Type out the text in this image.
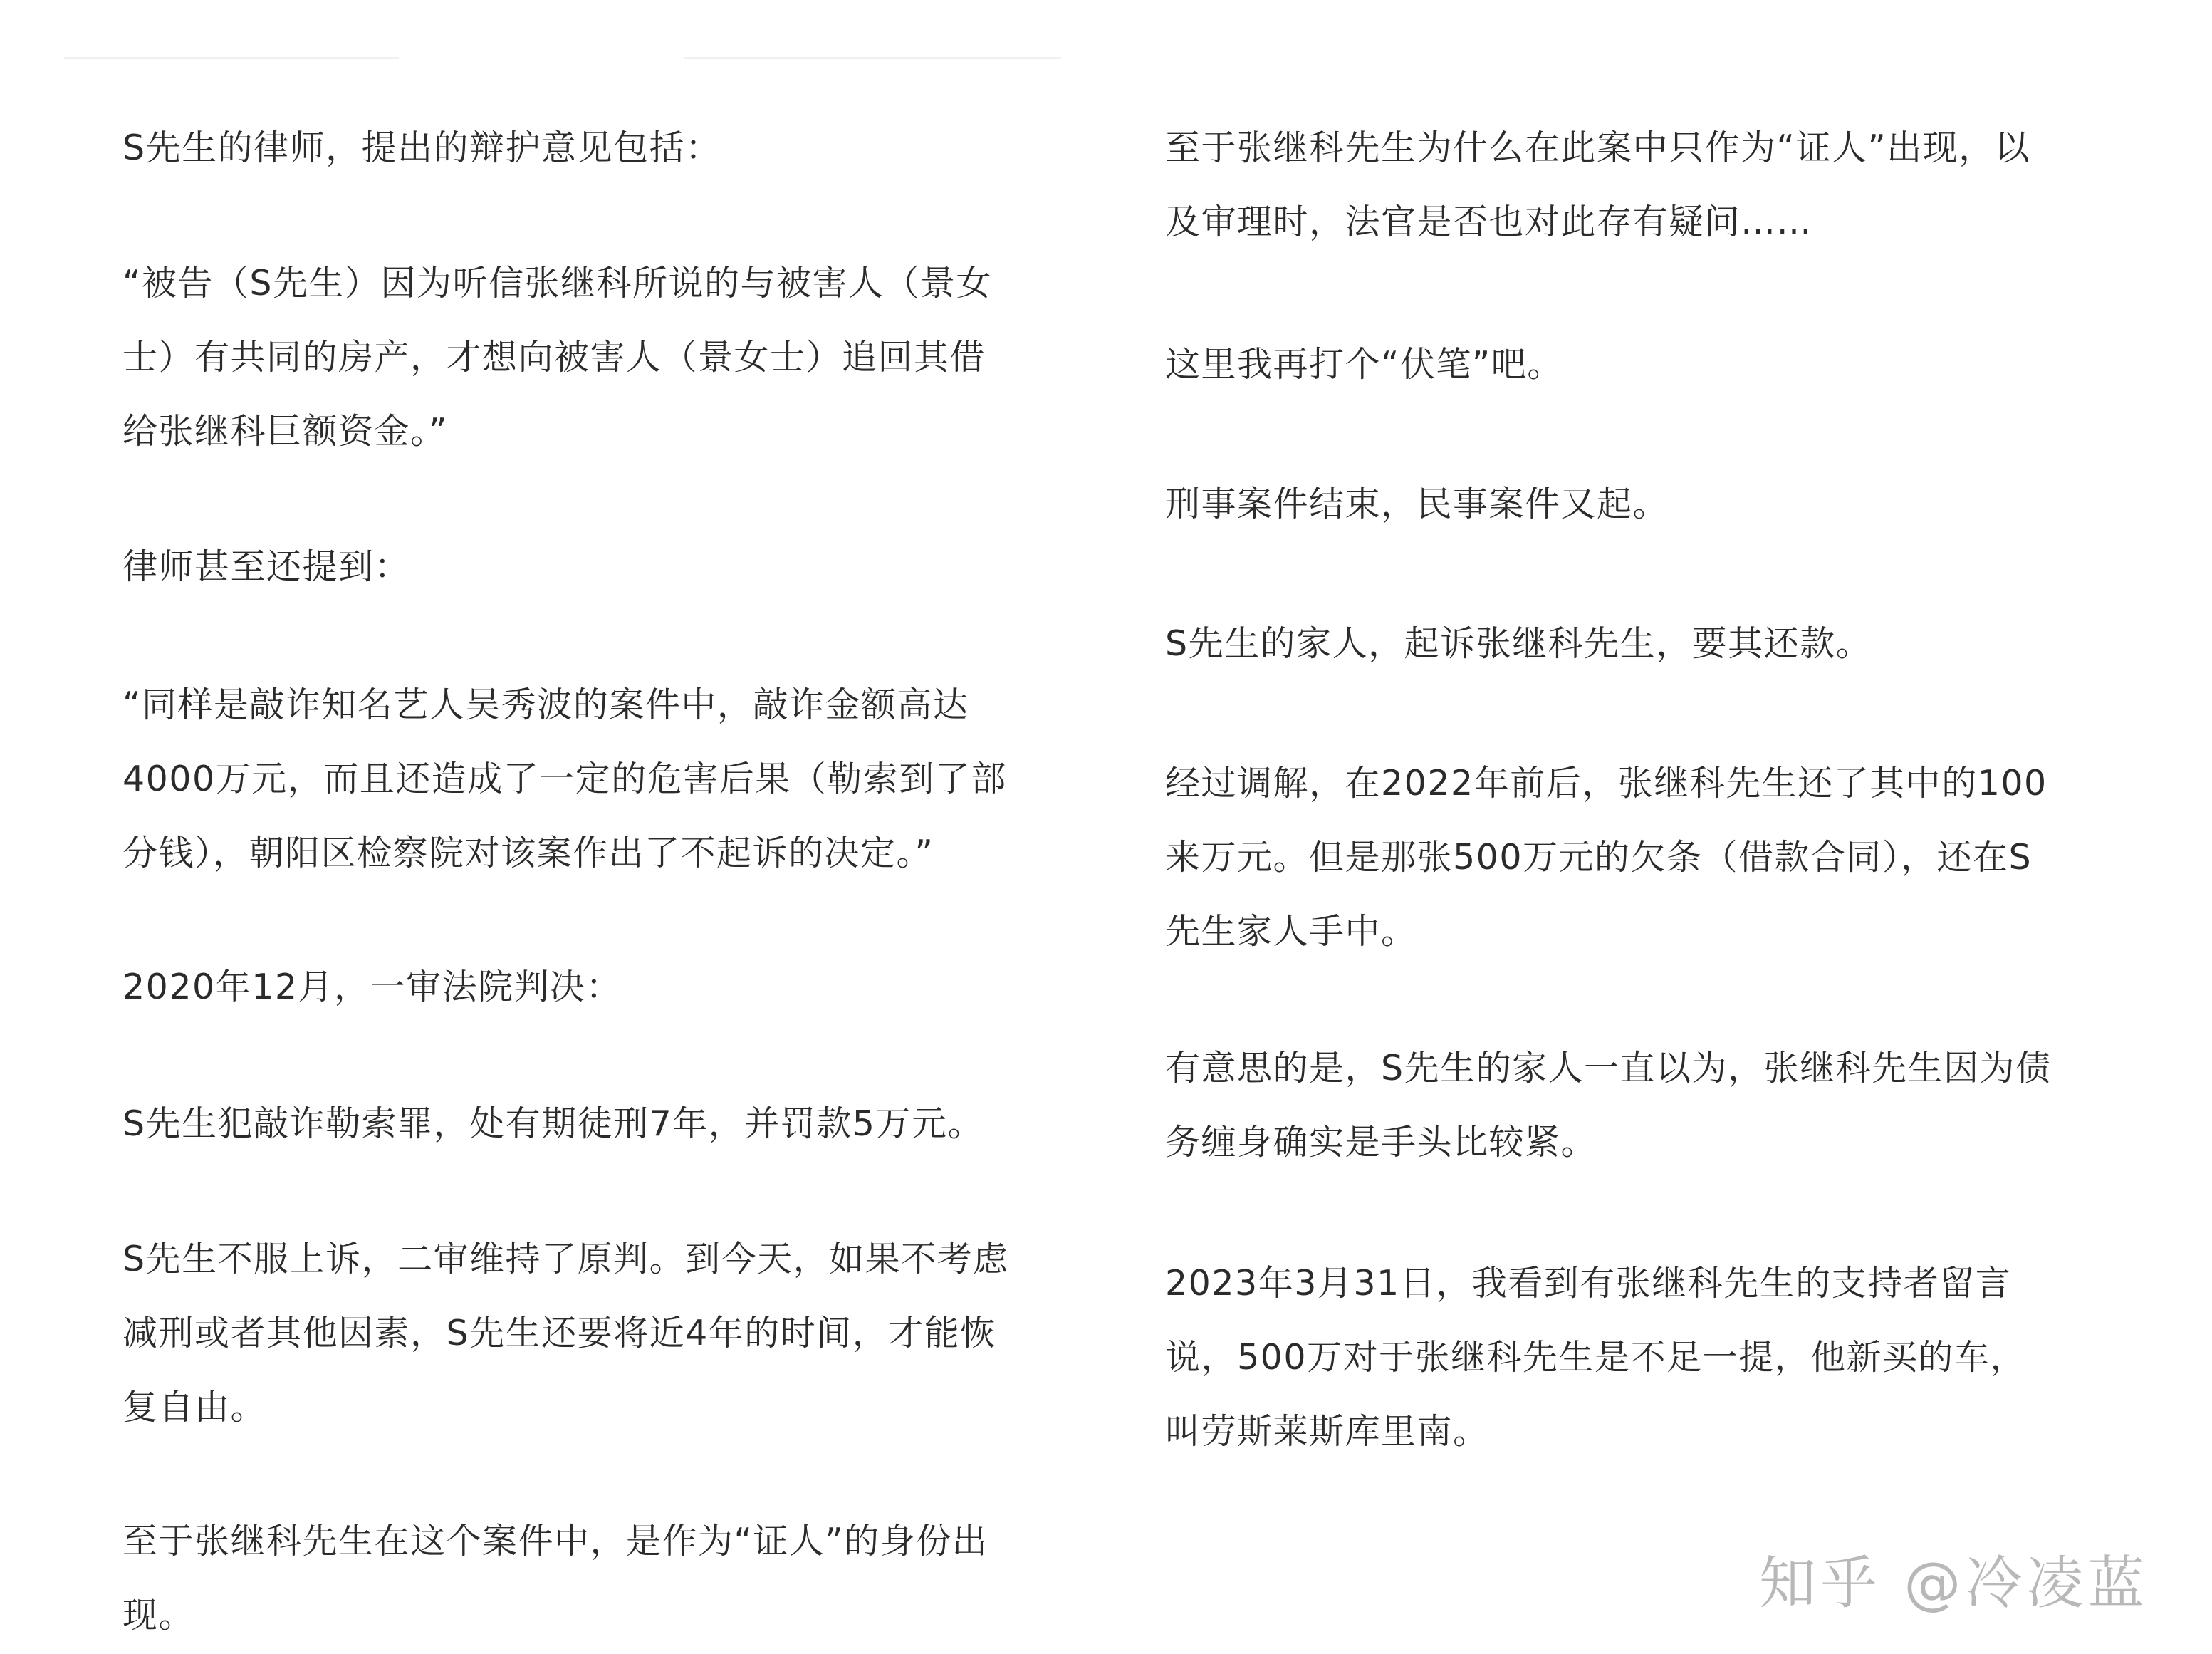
S先生的律师，提出的辩护意见包括：

“被告（S先生）因为听信张继科所说的与被害人（景女
士）有共同的房产，才想向被害人（景女士）追回其借
给张继科巨额资金。”

律师甚至还提到：

“同样是敲诈知名艺人吴秀波的案件中，敲诈金额高达
4000万元，而且还造成了一定的危害后果（勒索到了部
分钱），朝阳区检察院对该案作出了不起诉的决定。”

2020年12月，一审法院判决：

S先生犯敲诈勒索罪，处有期徒刑7年，并罚款5万元。

S先生不服上诉，二审维持了原判。到今天，如果不考虑
减刑或者其他因素，S先生还要将近4年的时间，才能恢
复自由。

至于张继科先生在这个案件中，是作为“证人”的身份出
现。

至于张继科先生为什么在此案中只作为“证人”出现，以
及审理时，法官是否也对此存有疑问……

这里我再打个“伏笔”吧。

刑事案件结束，民事案件又起。

S先生的家人，起诉张继科先生，要其还款。

经过调解，在2022年前后，张继科先生还了其中的100
来万元。但是那张500万元的欠条（借款合同），还在S
先生家人手中。

有意思的是，S先生的家人一直以为，张继科先生因为债
务缠身确实是手头比较紧。

2023年3月31日，我看到有张继科先生的支持者留言
说，500万对于张继科先生是不足一提，他新买的车，
叫劳斯莱斯库里南。

知乎 @冷凌蓝
